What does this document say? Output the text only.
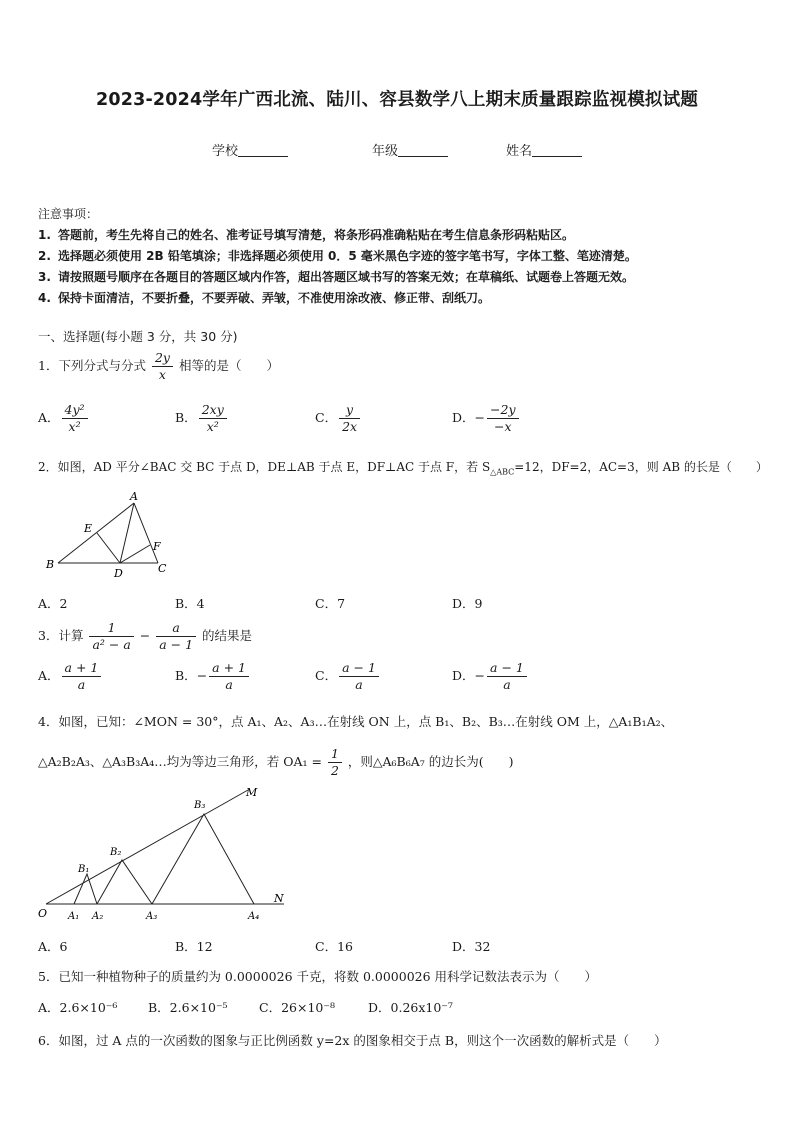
2023-2024学年广西北流、陆川、容县数学八上期末质量跟踪监视模拟试题
学校	年级	姓名
注意事项：
1. 答题前，考生先将自己的姓名、准考证号填写清楚，将条形码准确粘贴在考生信息条形码粘贴区。
2. 选择题必须使用 2B 铅笔填涂；非选择题必须使用 0．5 毫米黑色字迹的签字笔书写，字体工整、笔迹清楚。
3. 请按照题号顺序在各题目的答题区域内作答，超出答题区域书写的答案无效；在草稿纸、试题卷上答题无效。
4. 保持卡面清洁，不要折叠，不要弄破、弄皱，不准使用涂改液、修正带、刮纸刀。
一、选择题(每小题 3 分，共 30 分)
1．下列分式与分式 $\frac{2y}{x}$ 相等的是（　　）
A． $\frac{\text{4y²}}{\text{x²}}$	B． $\frac{2xy}{\text{x²}}$	C． $\frac{y}{2x}$	D．− $\frac{-2y}{-x}$
2．如图，AD 平分∠BAC 交 BC 于点 D，DE⊥AB 于点 E，DF⊥AC 于点 F，若 $S_{\triangle ABC}=12$，DF=2，AC=3，则 AB 的长是（　　）
A
B	C
D
E
F
A．2	B．4	C．7	D．9
3．计算 $\frac{1}{\text{a² − a}} - \frac{a}{a - 1}$ 的结果是
A． $\frac{a + 1}{a}$	B．− $\frac{a + 1}{a}$	C． $\frac{a - 1}{a}$	D．− $\frac{a - 1}{a}$
4．如图，已知：∠MON = 30°，点 A₁、A₂、A₃…在射线 ON 上，点 B₁、B₂、B₃…在射线 OM 上，△A₁B₁A₂、
△A₂B₂A₃、△A₃B₃A₄…均为等边三角形，若 $OA_1 = \frac{1}{2}$ ，则△A₆B₆A₇ 的边长为(　　)
M
N
O A₁ A₂	A₃	A₄
B₁
B₂
B₃
A．6	B．12	C．16	D．32
5．已知一种植物种子的质量约为 0.0000026 千克，将数 0.0000026 用科学记数法表示为（　　）
A．2.6×10⁻⁶ B．2.6×10⁻⁵	C．26×10⁻⁸	D．0.26x10⁻⁷
6．如图，过 A 点的一次函数的图象与正比例函数 y=2x 的图象相交于点 B，则这个一次函数的解析式是（　　）
